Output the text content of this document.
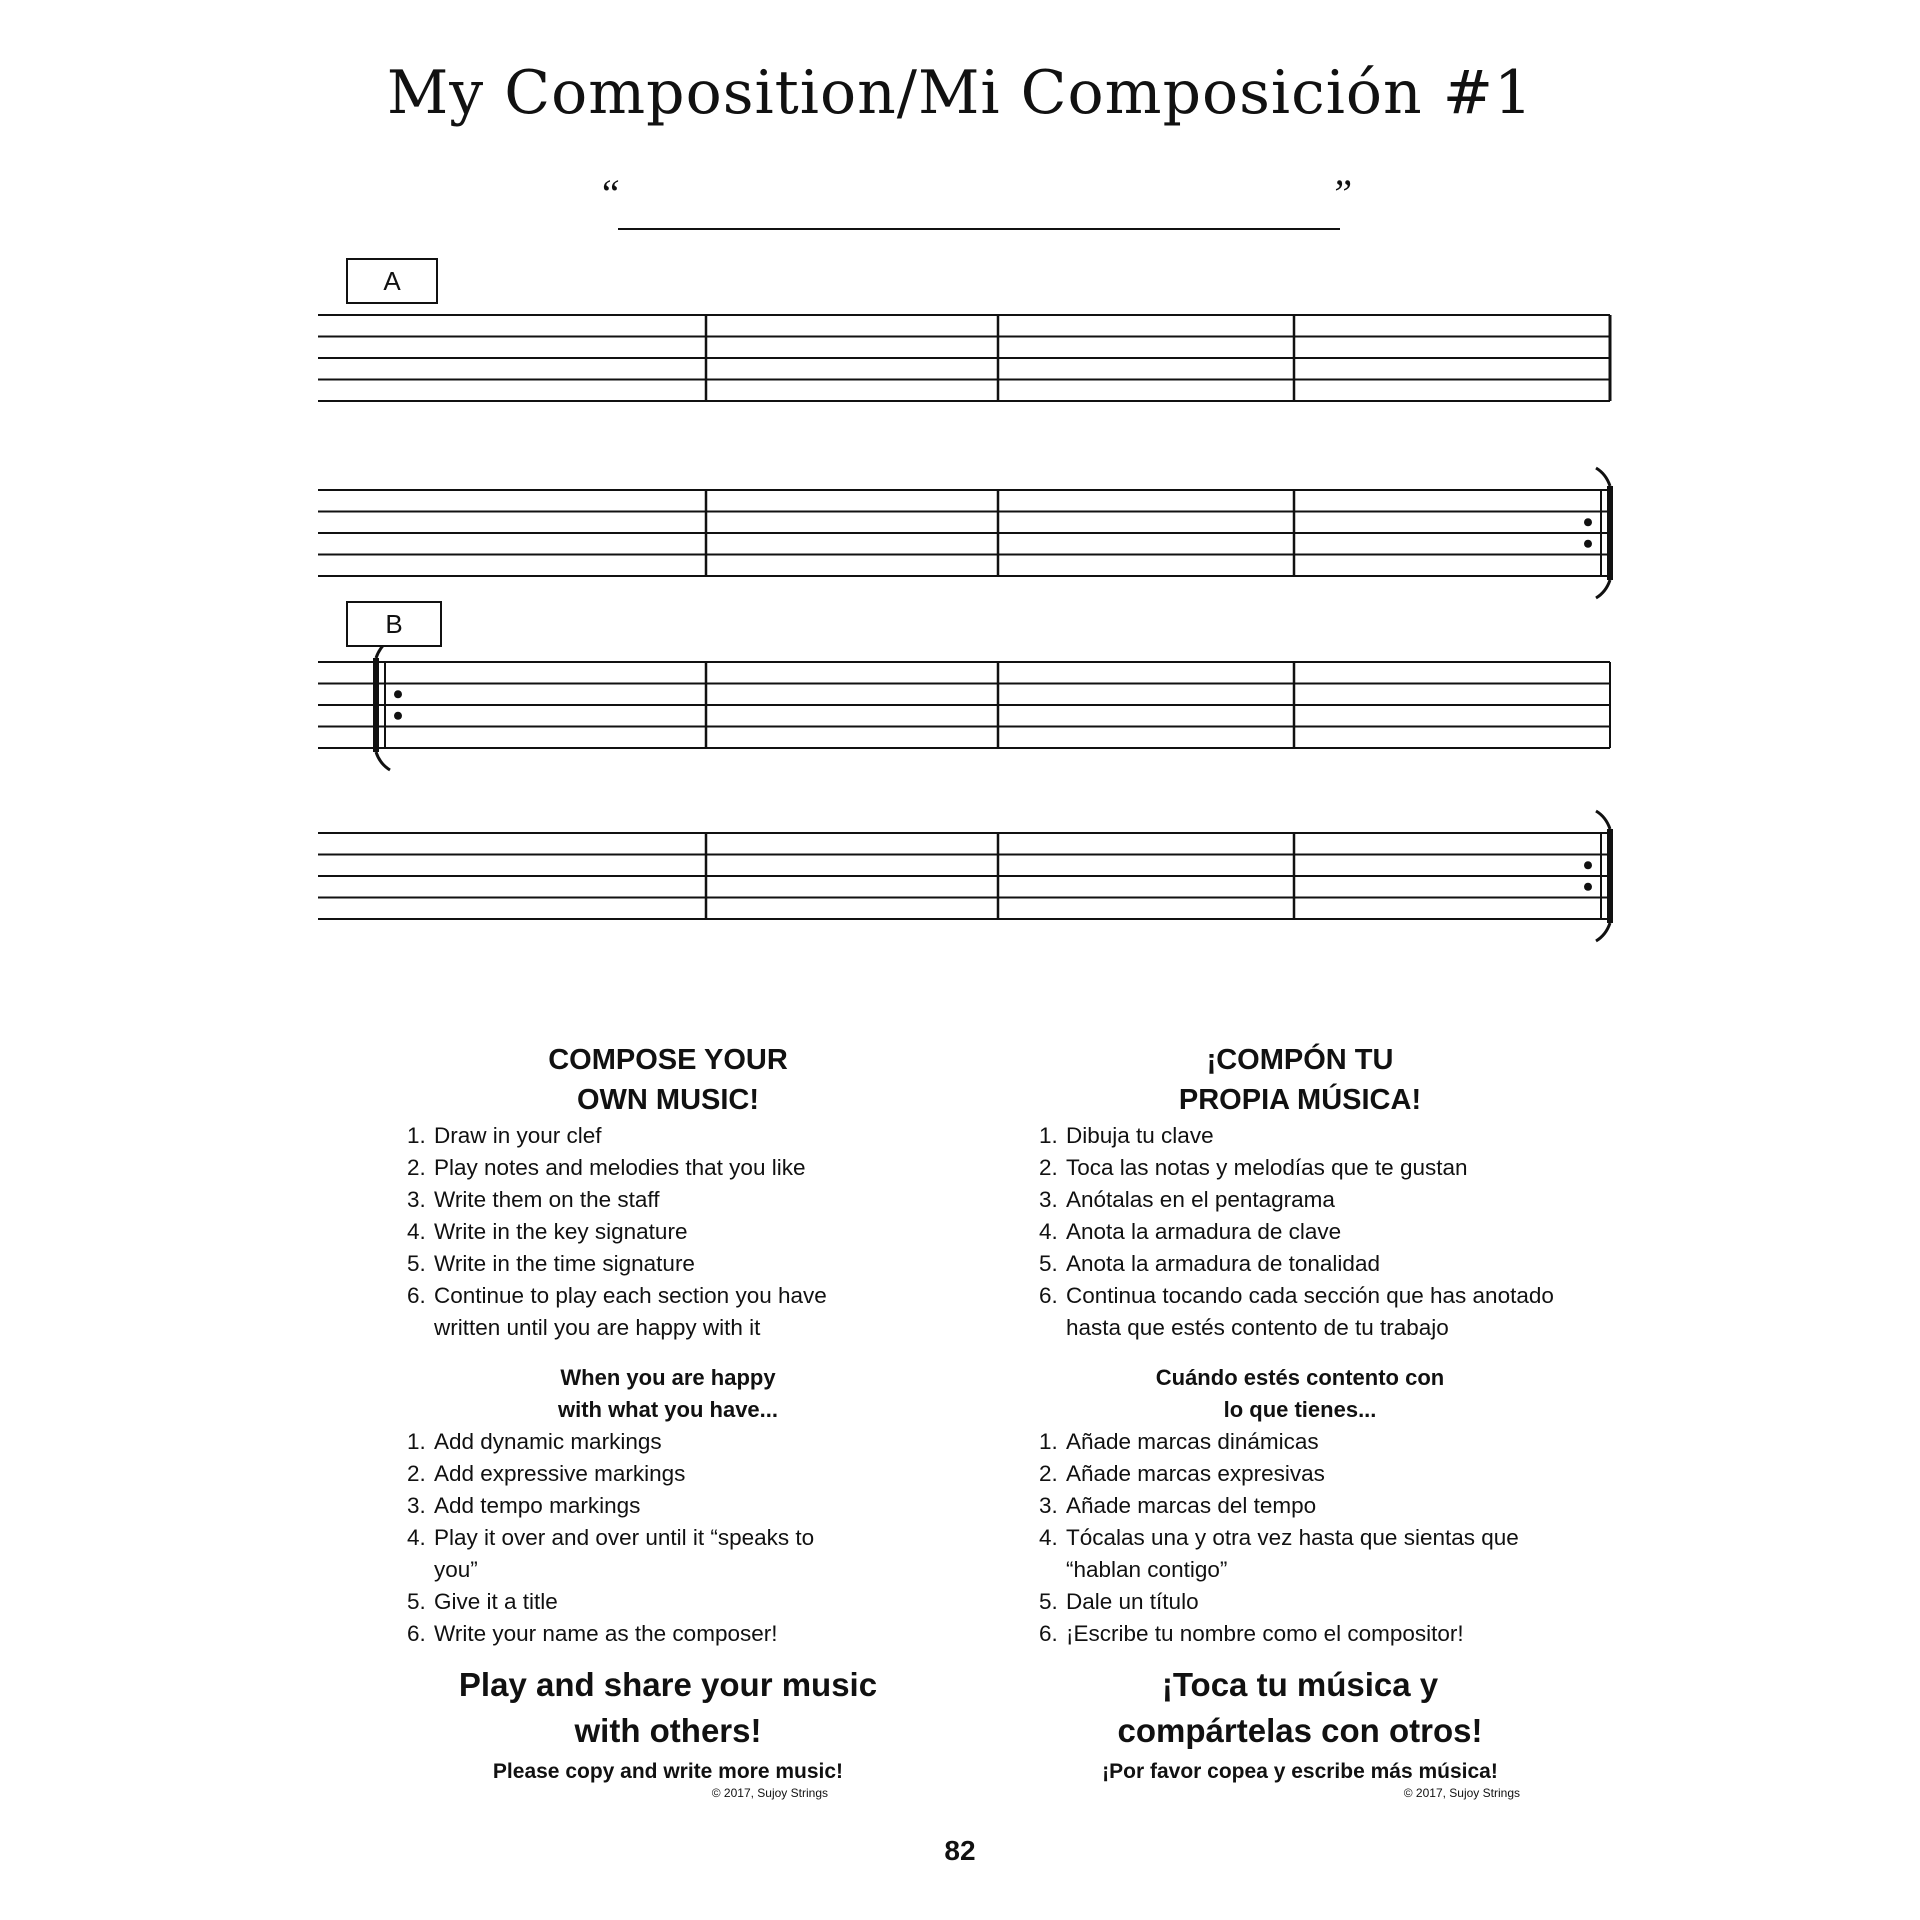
My Composition/Mi Composición #1
“	”
A
B
COMPOSE YOUR
OWN MUSIC!
1. Draw in your clef
2. Play notes and melodies that you like
3. Write them on the staff
4. Write in the key signature
5. Write in the time signature
6. Continue to play each section you have written until you are happy with it
When you are happy
with what you have...
1. Add dynamic markings
2. Add expressive markings
3. Add tempo markings
4. Play it over and over until it “speaks to you”
5. Give it a title
6. Write your name as the composer!
Play and share your music
with others!
Please copy and write more music!
© 2017, Sujoy Strings
¡COMPÓN TU
PROPIA MÚSICA!
1. Dibuja tu clave
2. Toca las notas y melodías que te gustan
3. Anótalas en el pentagrama
4. Anota la armadura de clave
5. Anota la armadura de tonalidad
6. Continua tocando cada sección que has anotado hasta que estés contento de tu trabajo
Cuándo estés contento con
lo que tienes...
1. Añade marcas dinámicas
2. Añade marcas expresivas
3. Añade marcas del tempo
4. Tócalas una y otra vez hasta que sientas que “hablan contigo”
5. Dale un título
6. ¡Escribe tu nombre como el compositor!
¡Toca tu música y
compártelas con otros!
¡Por favor copea y escribe más música!
© 2017, Sujoy Strings
82
